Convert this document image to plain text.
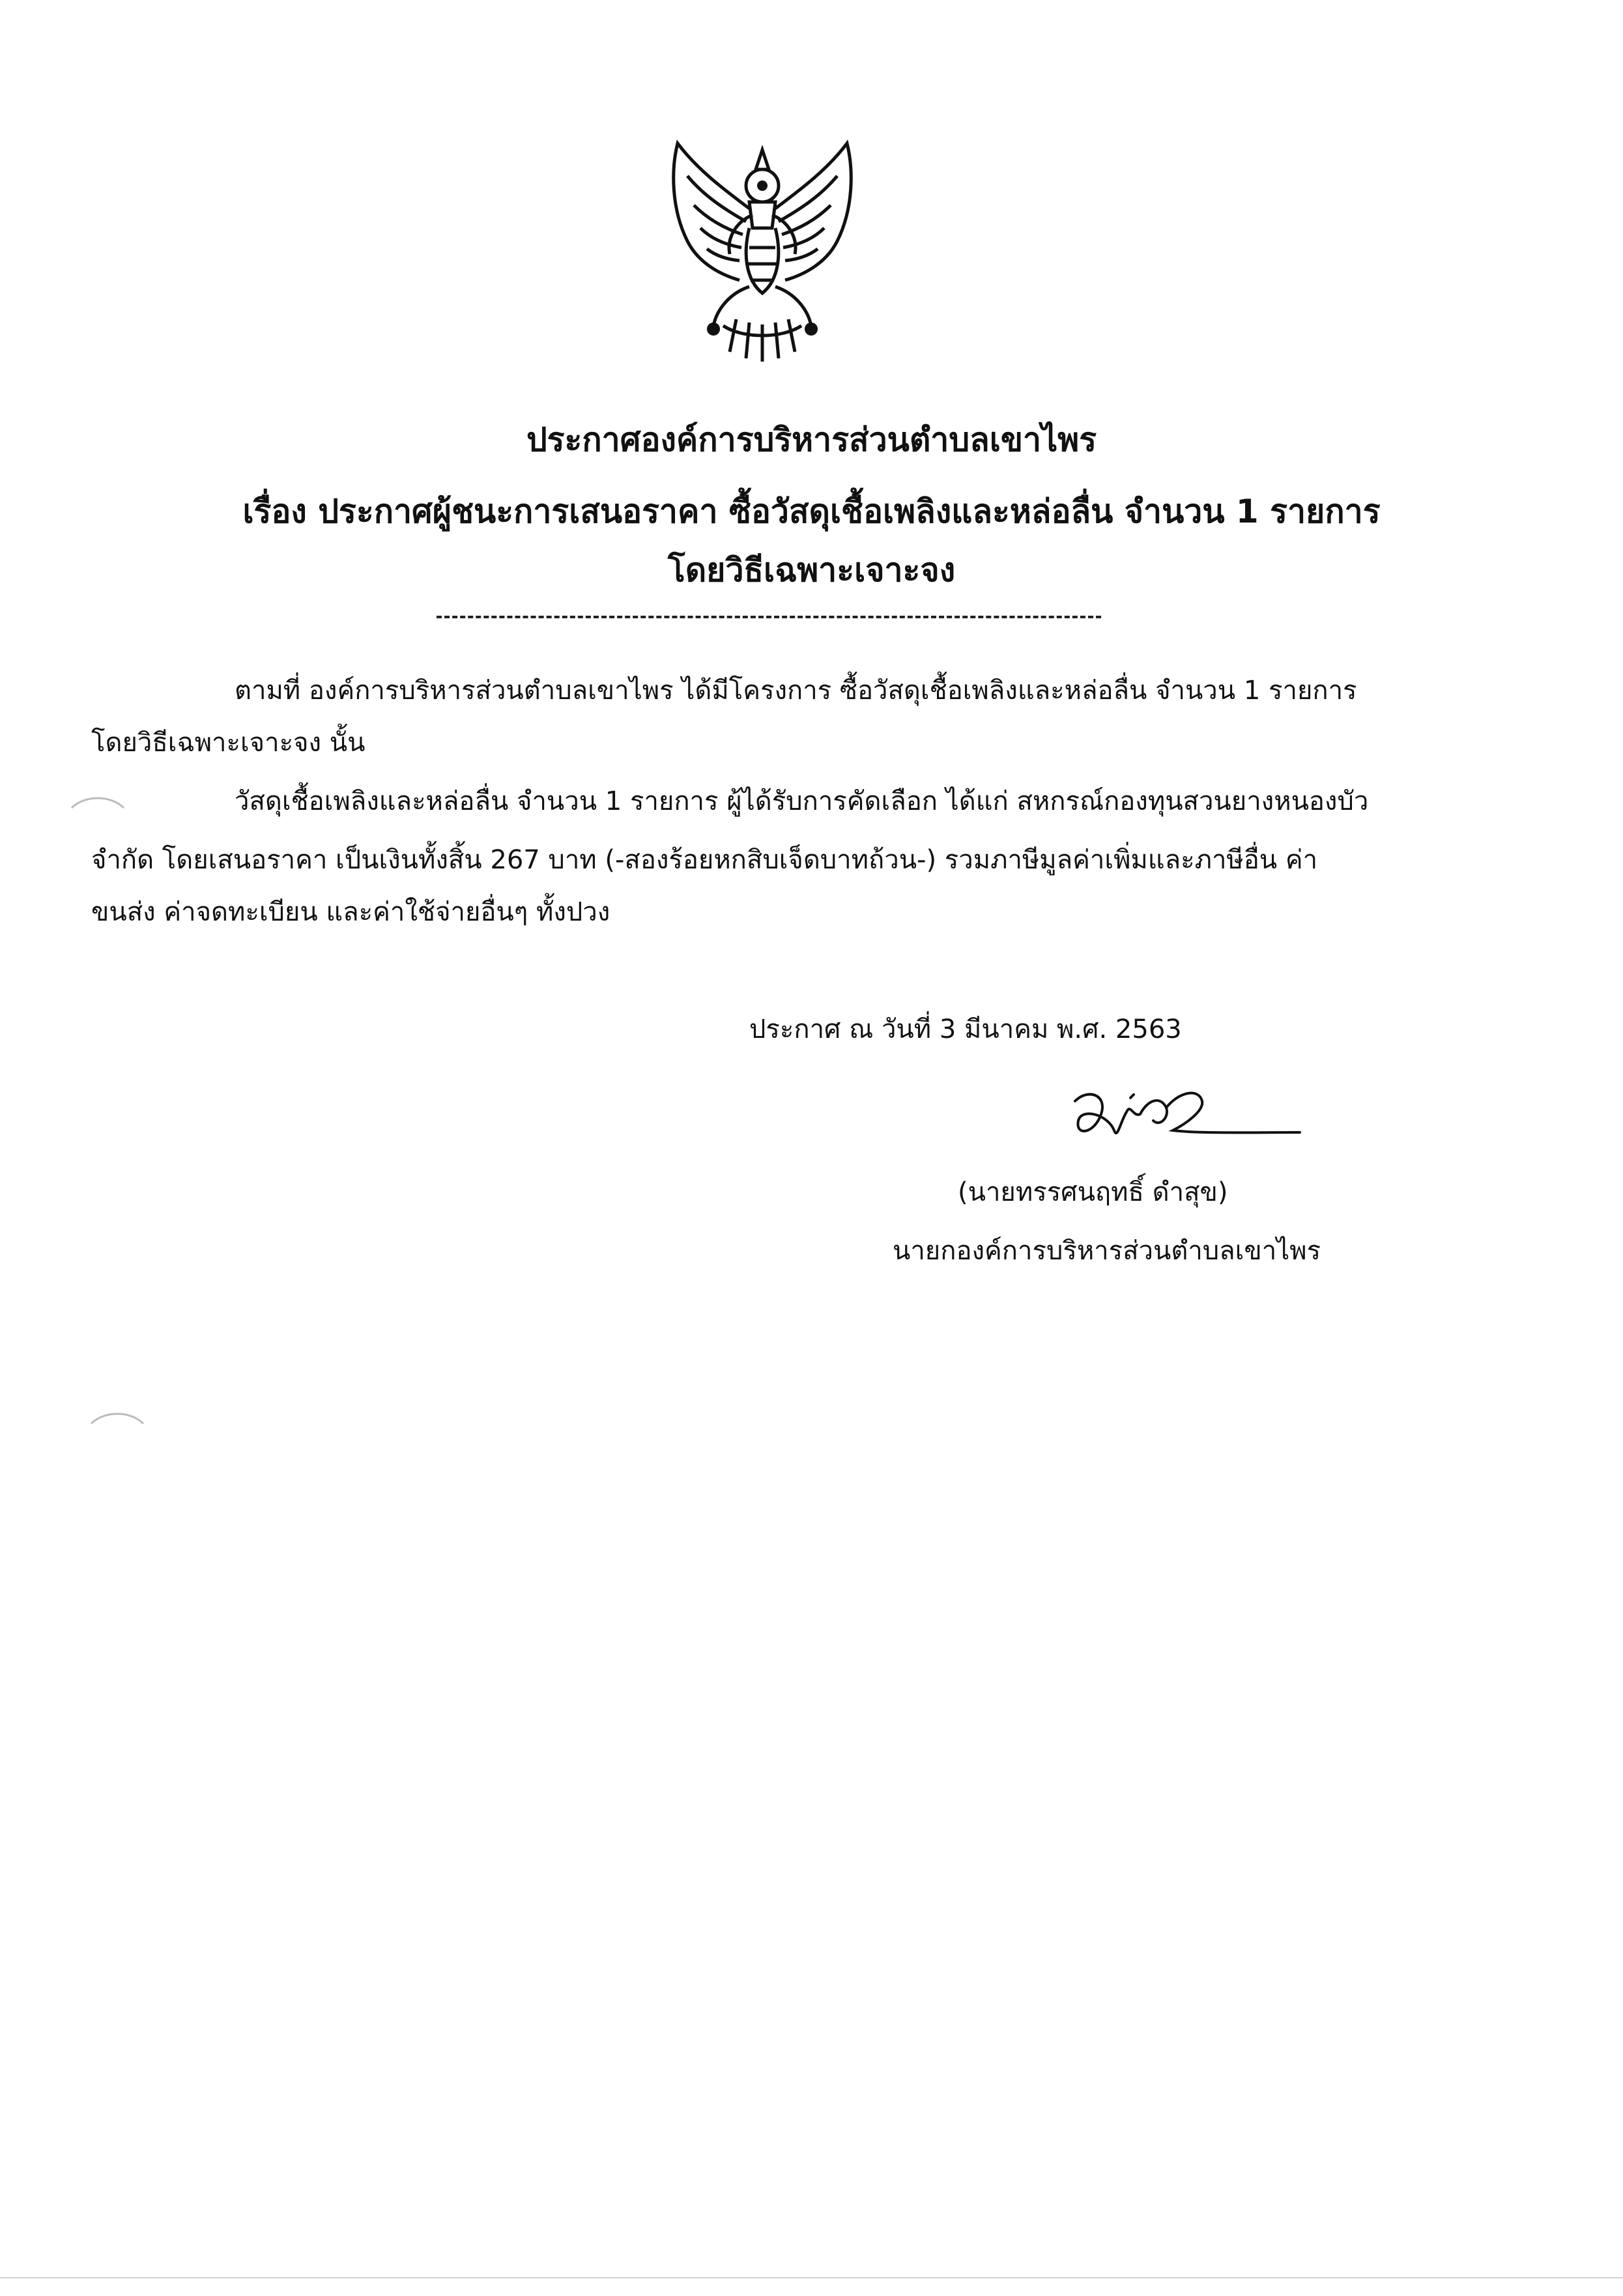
ประกาศองค์การบริหารส่วนตำบลเขาไพร
เรื่อง ประกาศผู้ชนะการเสนอราคา ซื้อวัสดุเชื้อเพลิงและหล่อลื่น จำนวน 1 รายการ
โดยวิธีเฉพาะเจาะจง
ตามที่ องค์การบริหารส่วนตำบลเขาไพร ได้มีโครงการ ซื้อวัสดุเชื้อเพลิงและหล่อลื่น จำนวน 1 รายการ
โดยวิธีเฉพาะเจาะจง นั้น
วัสดุเชื้อเพลิงและหล่อลื่น จำนวน 1 รายการ ผู้ได้รับการคัดเลือก ได้แก่ สหกรณ์กองทุนสวนยางหนองบัว
จำกัด โดยเสนอราคา เป็นเงินทั้งสิ้น 267 บาท (-สองร้อยหกสิบเจ็ดบาทถ้วน-) รวมภาษีมูลค่าเพิ่มและภาษีอื่น ค่า
ขนส่ง ค่าจดทะเบียน และค่าใช้จ่ายอื่นๆ ทั้งปวง
ประกาศ ณ วันที่ 3 มีนาคม พ.ศ. 2563
(นายทรรศนฤทธิ์ ดำสุข)
นายกองค์การบริหารส่วนตำบลเขาไพร
